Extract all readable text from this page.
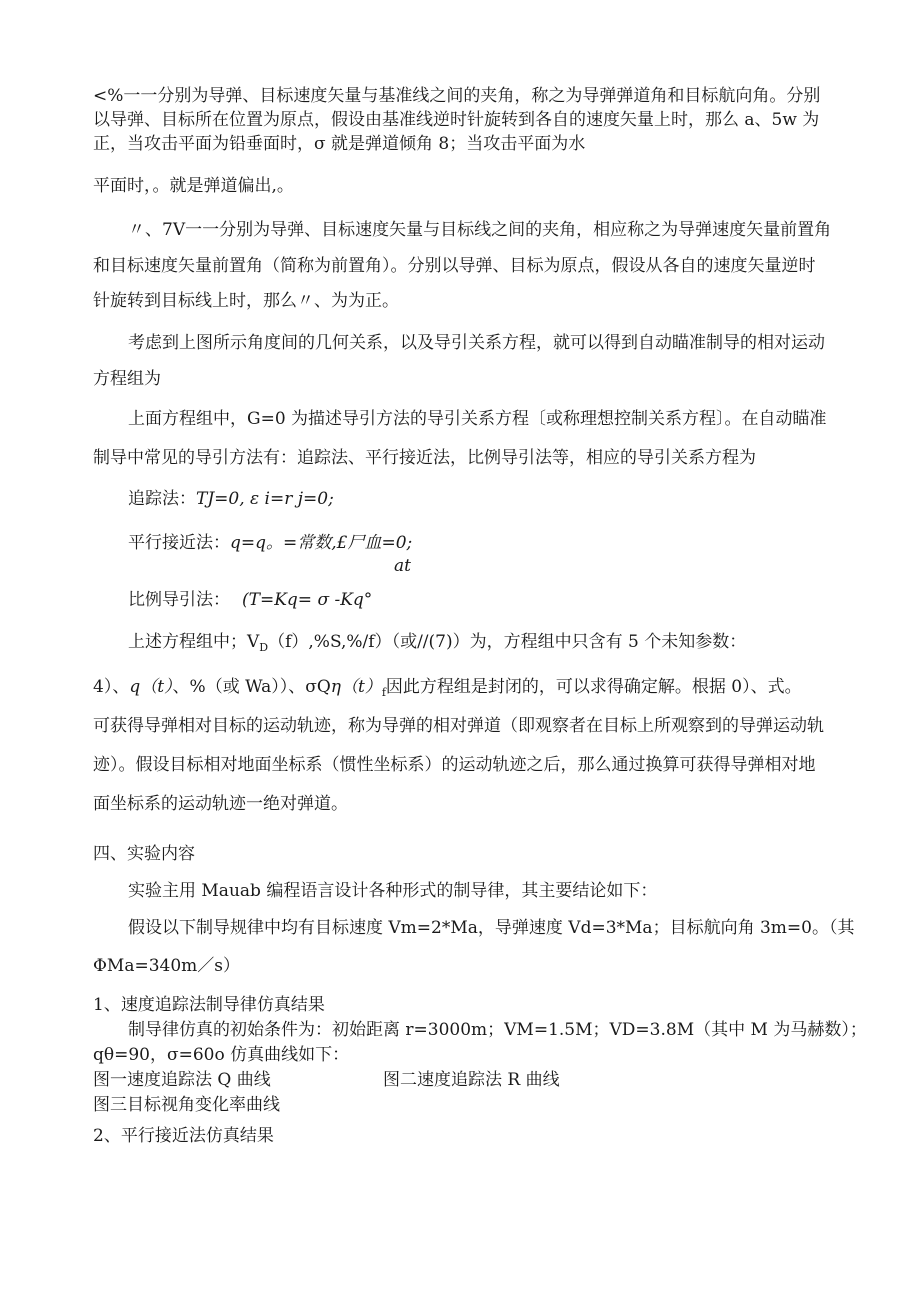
<%一一分别为导弹、目标速度矢量与基准线之间的夹角，称之为导弹弹道角和目标航向角。分别
以导弹、目标所在位置为原点，假设由基准线逆时针旋转到各自的速度矢量上时，那么 a、5w 为
正，当攻击平面为铅垂面时，σ 就是弹道倾角 8；当攻击平面为水
平面时，。就是弹道偏出,。
〃、7V一一分别为导弹、目标速度矢量与目标线之间的夹角，相应称之为导弹速度矢量前置角
和目标速度矢量前置角（简称为前置角）。分别以导弹、目标为原点，假设从各自的速度矢量逆时
针旋转到目标线上时，那么〃、为为正。
考虑到上图所示角度间的几何关系，以及导引关系方程，就可以得到自动瞄准制导的相对运动
方程组为
上面方程组中，G=0 为描述导引方法的导引关系方程〔或称理想控制关系方程〕。在自动瞄准
制导中常见的导引方法有：追踪法、平行接近法，比例导引法等，相应的导引关系方程为
追踪法：TJ=0, ε i=r j=0;
平行接近法：q=q。=常数,£尸血=0;
at
比例导引法： (T=Kq= σ -Kq°
上述方程组中；$V_D(f),\%S,\%/f$）（或//(7)）为，方程组中只含有 5 个未知参数：
4）、q（t）、%（或 Wa））、$\sigma Q\eta(t)_f$因此方程组是封闭的，可以求得确定解。根据 0）、式。
可获得导弹相对目标的运动轨迹，称为导弹的相对弹道（即观察者在目标上所观察到的导弹运动轨
迹）。假设目标相对地面坐标系（惯性坐标系）的运动轨迹之后，那么通过换算可获得导弹相对地
面坐标系的运动轨迹一绝对弹道。
四、实验内容
实验主用 Mauab 编程语言设计各种形式的制导律，其主要结论如下：
假设以下制导规律中均有目标速度 Vm=2*Ma，导弹速度 Vd=3*Ma；目标航向角 3m=0。（其
ΦMa=340m／s）
1、速度追踪法制导律仿真结果
制导律仿真的初始条件为：初始距离 r=3000m；VM=1.5M；VD=3.8M（其中 M 为马赫数）；
qθ=90，σ=60o 仿真曲线如下：
图一速度追踪法 Q 曲线	图二速度追踪法 R 曲线
图三目标视角变化率曲线
2、平行接近法仿真结果
